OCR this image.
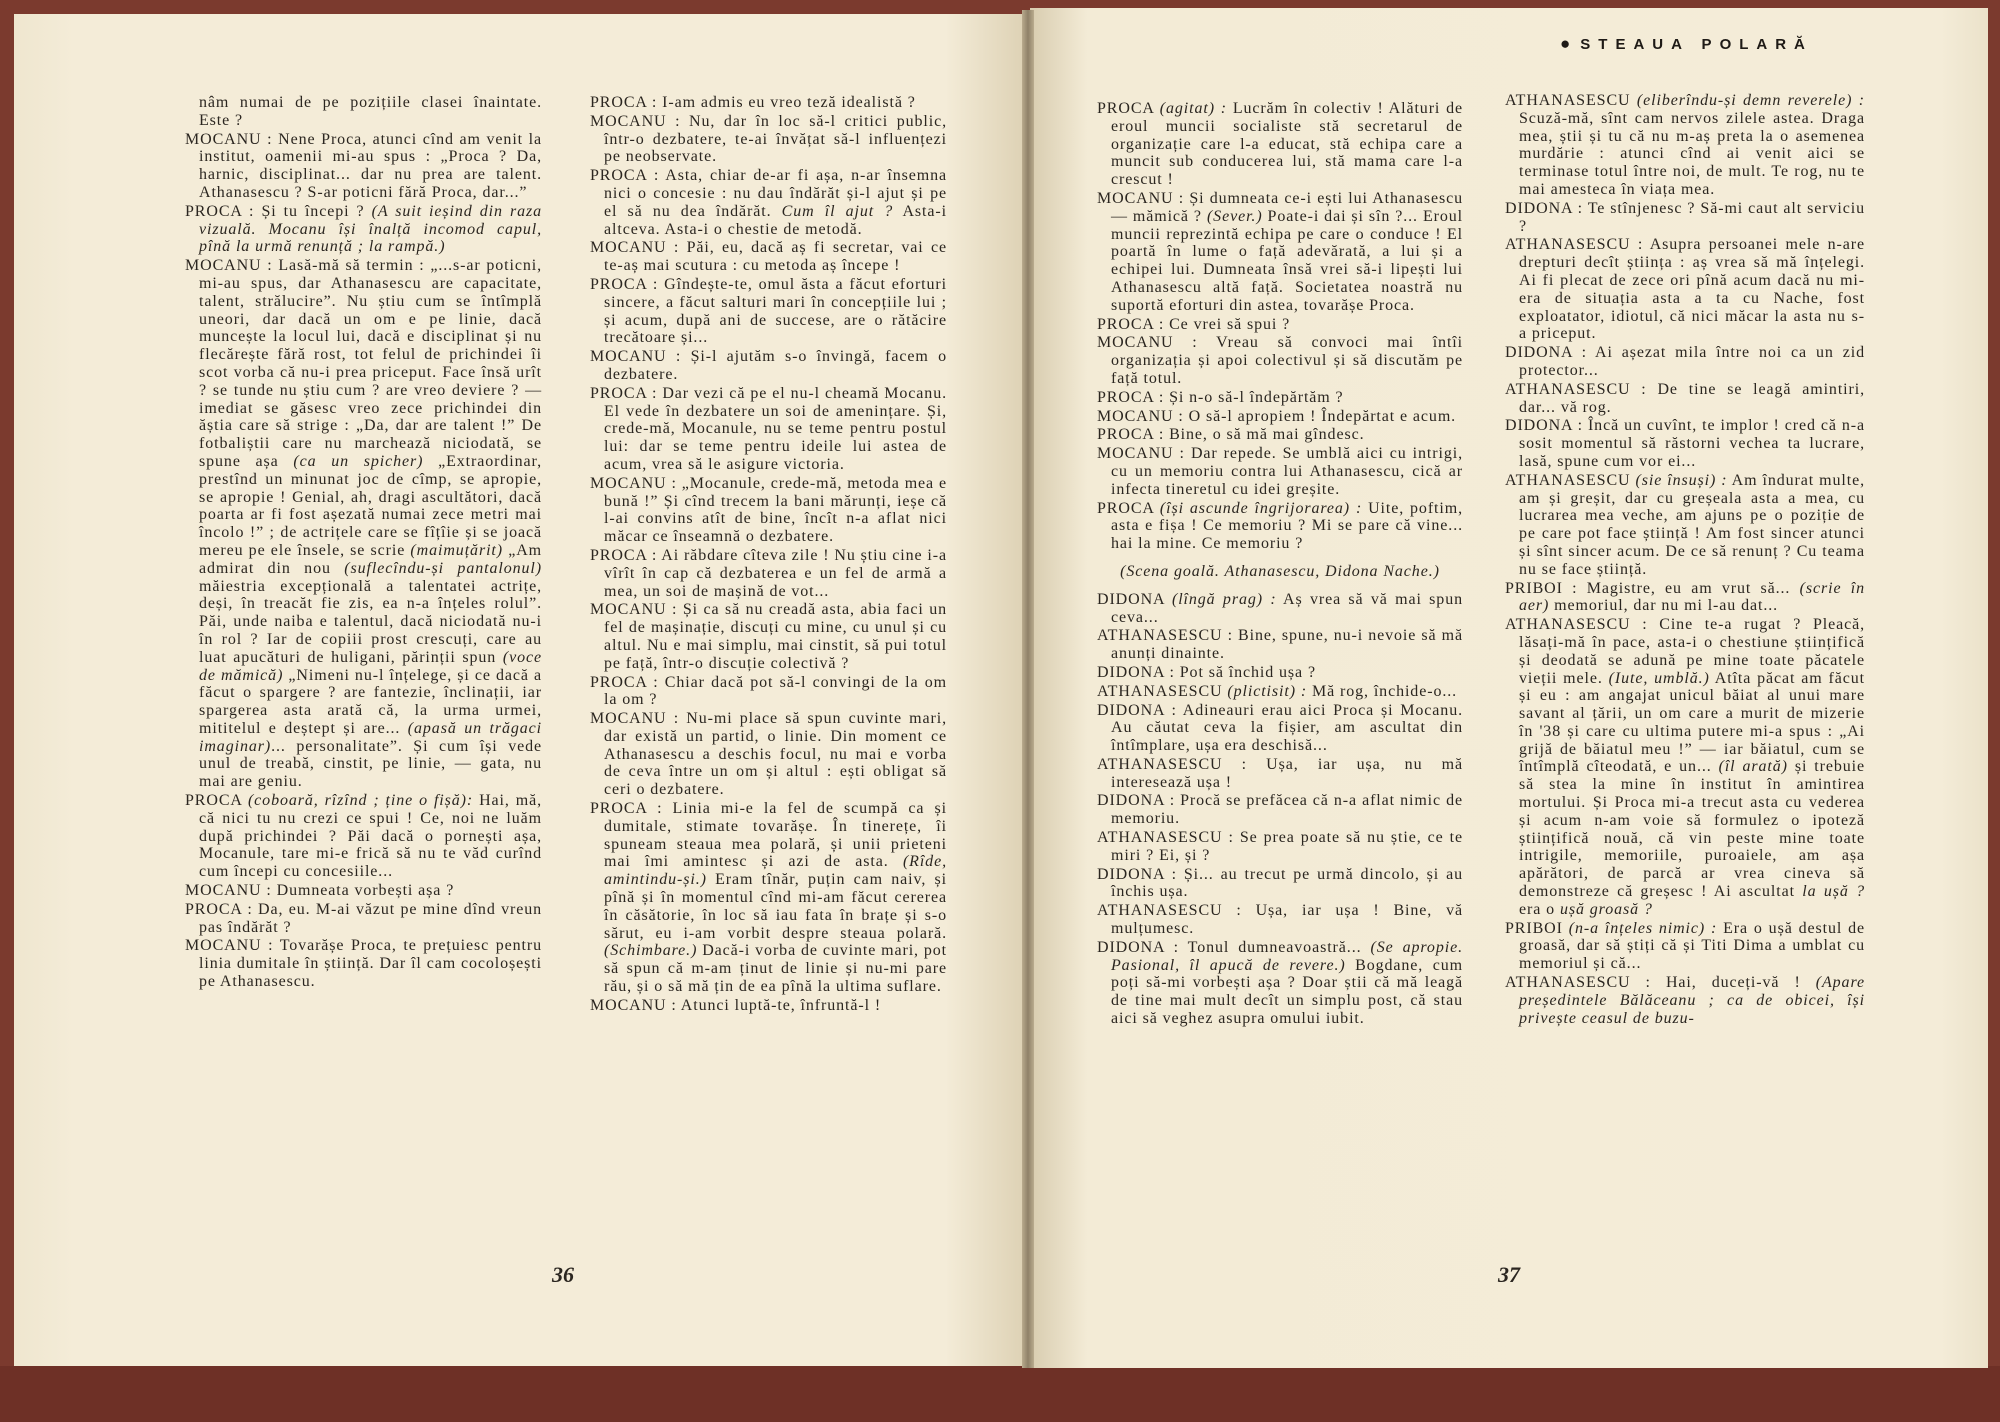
●STEAUA POLARĂ

nâm numai de pe pozițiile clasei înaintate. Este ?

MOCANU : Nene Proca, atunci cînd am venit la institut, oamenii mi-au spus : „Proca ? Da, harnic, disciplinat... dar nu prea are talent. Athanasescu ? S-ar poticni fără Proca, dar...”

PROCA : Și tu începi ? (A suit ieșind din raza vizuală. Mocanu își înalță incomod capul, pînă la urmă renunță ; la rampă.)

MOCANU : Lasă-mă să termin : „...s-ar poticni, mi-au spus, dar Athanasescu are capacitate, talent, strălucire”. Nu știu cum se întîmplă uneori, dar dacă un om e pe linie, dacă muncește la locul lui, dacă e disciplinat și nu flecărește fără rost, tot felul de prichindei îi scot vorba că nu-i prea priceput. Face însă urît ? se tunde nu știu cum ? are vreo deviere ? — imediat se găsesc vreo zece prichindei din ăștia care să strige : „Da, dar are talent !” De fotbaliștii care nu marchează niciodată, se spune așa (ca un spicher) „Extraordinar, prestînd un minunat joc de cîmp, se apropie, se apropie ! Genial, ah, dragi ascultători, dacă poarta ar fi fost așezată numai zece metri mai încolo !” ; de actrițele care se fîțîie și se joacă mereu pe ele însele, se scrie (maimuțărit) „Am admirat din nou (suflecîndu-și pantalonul) măiestria excepțională a talentatei actrițe, deși, în treacăt fie zis, ea n-a înțeles rolul”. Păi, unde naiba e talentul, dacă niciodată nu-i în rol ? Iar de copiii prost crescuți, care au luat apucături de huligani, părinții spun (voce de mămică) „Nimeni nu-l înțelege, și ce dacă a făcut o spargere ? are fantezie, înclinații, iar spargerea asta arată că, la urma urmei, mititelul e deștept și are... (apasă un trăgaci imaginar)... personalitate”. Și cum își vede unul de treabă, cinstit, pe linie, — gata, nu mai are geniu.

PROCA (coboară, rîzînd ; ține o fișă): Hai, mă, că nici tu nu crezi ce spui ! Ce, noi ne luăm după prichindei ? Păi dacă o pornești așa, Mocanule, tare mi-e frică să nu te văd curînd cum începi cu concesiile...

MOCANU : Dumneata vorbești așa ?

PROCA : Da, eu. M-ai văzut pe mine dînd vreun pas îndărăt ?

MOCANU : Tovarășe Proca, te prețuiesc pentru linia dumitale în știință. Dar îl cam cocoloșești pe Athanasescu.

PROCA : I-am admis eu vreo teză idealistă ?

MOCANU : Nu, dar în loc să-l critici public, într-o dezbatere, te-ai învățat să-l influențezi pe neobservate.

PROCA : Asta, chiar de-ar fi așa, n-ar însemna nici o concesie : nu dau îndărăt și-l ajut și pe el să nu dea îndărăt. Cum îl ajut ? Asta-i altceva. Asta-i o chestie de metodă.

MOCANU : Păi, eu, dacă aș fi secretar, vai ce te-aș mai scutura : cu metoda aș începe !

PROCA : Gîndește-te, omul ăsta a făcut eforturi sincere, a făcut salturi mari în concepțiile lui ; și acum, după ani de succese, are o rătăcire trecătoare și...

MOCANU : Și-l ajutăm s-o învingă, facem o dezbatere.

PROCA : Dar vezi că pe el nu-l cheamă Mocanu. El vede în dezbatere un soi de amenințare. Și, crede-mă, Mocanule, nu se teme pentru postul lui: dar se teme pentru ideile lui astea de acum, vrea să le asigure victoria.

MOCANU : „Mocanule, crede-mă, metoda mea e bună !” Și cînd trecem la bani mărunți, ieșe că l-ai convins atît de bine, încît n-a aflat nici măcar ce înseamnă o dezbatere.

PROCA : Ai răbdare cîteva zile ! Nu știu cine i-a vîrît în cap că dezbaterea e un fel de armă a mea, un soi de mașină de vot...

MOCANU : Și ca să nu creadă asta, abia faci un fel de mașinație, discuți cu mine, cu unul și cu altul. Nu e mai simplu, mai cinstit, să pui totul pe față, într-o discuție colectivă ?

PROCA : Chiar dacă pot să-l convingi de la om la om ?

MOCANU : Nu-mi place să spun cuvinte mari, dar există un partid, o linie. Din moment ce Athanasescu a deschis focul, nu mai e vorba de ceva între un om și altul : ești obligat să ceri o dezbatere.

PROCA : Linia mi-e la fel de scumpă ca și dumitale, stimate tovarășe. În tinerețe, îi spuneam steaua mea polară, și unii prieteni mai îmi amintesc și azi de asta. (Rîde, amintindu-și.) Eram tînăr, puțin cam naiv, și pînă și în momentul cînd mi-am făcut cererea în căsătorie, în loc să iau fata în brațe și s-o sărut, eu i-am vorbit despre steaua polară. (Schimbare.) Dacă-i vorba de cuvinte mari, pot să spun că m-am ținut de linie și nu-mi pare rău, și o să mă țin de ea pînă la ultima suflare.

MOCANU : Atunci luptă-te, înfruntă-l !

PROCA (agitat) : Lucrăm în colectiv ! Alături de eroul muncii socialiste stă secretarul de organizație care l-a educat, stă echipa care a muncit sub conducerea lui, stă mama care l-a crescut !

MOCANU : Și dumneata ce-i ești lui Athanasescu — mămică ? (Sever.) Poate-i dai și sîn ?... Eroul muncii reprezintă echipa pe care o conduce ! El poartă în lume o față adevărată, a lui și a echipei lui. Dumneata însă vrei să-i lipești lui Athanasescu altă față. Societatea noastră nu suportă eforturi din astea, tovarășe Proca.

PROCA : Ce vrei să spui ?

MOCANU : Vreau să convoci mai întîi organizația și apoi colectivul și să discutăm pe față totul.

PROCA : Și n-o să-l îndepărtăm ?

MOCANU : O să-l apropiem ! Îndepărtat e acum.

PROCA : Bine, o să mă mai gîndesc.

MOCANU : Dar repede. Se umblă aici cu intrigi, cu un memoriu contra lui Athanasescu, cică ar infecta tineretul cu idei greșite.

PROCA (își ascunde îngrijorarea) : Uite, poftim, asta e fișa ! Ce memoriu ? Mi se pare că vine... hai la mine. Ce memoriu ?

(Scena goală. Athanasescu, Didona Nache.)

DIDONA (lîngă prag) : Aș vrea să vă mai spun ceva...

ATHANASESCU : Bine, spune, nu-i nevoie să mă anunți dinainte.

DIDONA : Pot să închid ușa ?

ATHANASESCU (plictisit) : Mă rog, închide-o...

DIDONA : Adineauri erau aici Proca și Mocanu. Au căutat ceva la fișier, am ascultat din întîmplare, ușa era deschisă...

ATHANASESCU : Ușa, iar ușa, nu mă interesează ușa !

DIDONA : Procă se prefăcea că n-a aflat nimic de memoriu.

ATHANASESCU : Se prea poate să nu știe, ce te miri ? Ei, și ?

DIDONA : Și... au trecut pe urmă dincolo, și au închis ușa.

ATHANASESCU : Ușa, iar ușa ! Bine, vă mulțumesc.

DIDONA : Tonul dumneavoastră... (Se apropie. Pasional, îl apucă de revere.) Bogdane, cum poți să-mi vorbești așa ? Doar știi că mă leagă de tine mai mult decît un simplu post, că stau aici să veghez asupra omului iubit.

ATHANASESCU (eliberîndu-și demn reverele) : Scuză-mă, sînt cam nervos zilele astea. Draga mea, știi și tu că nu m-aș preta la o asemenea murdărie : atunci cînd ai venit aici se terminase totul între noi, de mult. Te rog, nu te mai amesteca în viața mea.

DIDONA : Te stînjenesc ? Să-mi caut alt serviciu ?

ATHANASESCU : Asupra persoanei mele n-are drepturi decît știința : aș vrea să mă înțelegi. Ai fi plecat de zece ori pînă acum dacă nu mi-era de situația asta a ta cu Nache, fost exploatator, idiotul, că nici măcar la asta nu s-a priceput.

DIDONA : Ai așezat mila între noi ca un zid protector...

ATHANASESCU : De tine se leagă amintiri, dar... vă rog.

DIDONA : Încă un cuvînt, te implor ! cred că n-a sosit momentul să răstorni vechea ta lucrare, lasă, spune cum vor ei...

ATHANASESCU (sie însuși) : Am îndurat multe, am și greșit, dar cu greșeala asta a mea, cu lucrarea mea veche, am ajuns pe o poziție de pe care pot face știință ! Am fost sincer atunci și sînt sincer acum. De ce să renunț ? Cu teama nu se face știință.

PRIBOI : Magistre, eu am vrut să... (scrie în aer) memoriul, dar nu mi l-au dat...

ATHANASESCU : Cine te-a rugat ? Pleacă, lăsați-mă în pace, asta-i o chestiune științifică și deodată se adună pe mine toate păcatele vieții mele. (Iute, umblă.) Atîta păcat am făcut și eu : am angajat unicul băiat al unui mare savant al țării, un om care a murit de mizerie în '38 și care cu ultima putere mi-a spus : „Ai grijă de băiatul meu !” — iar băiatul, cum se întîmplă cîteodată, e un... (îl arată) și trebuie să stea la mine în institut în amintirea mortului. Și Proca mi-a trecut asta cu vederea și acum n-am voie să formulez o ipoteză științifică nouă, că vin peste mine toate intrigile, memoriile, puroaiele, am așa apărători, de parcă ar vrea cineva să demonstreze că greșesc ! Ai ascultat la ușă ? era o ușă groasă ?

PRIBOI (n-a înțeles nimic) : Era o ușă destul de groasă, dar să știți că și Titi Dima a umblat cu memoriul și că...

ATHANASESCU : Hai, duceți-vă ! (Apare președintele Bălăceanu ; ca de obicei, își privește ceasul de buzu-

36	37
